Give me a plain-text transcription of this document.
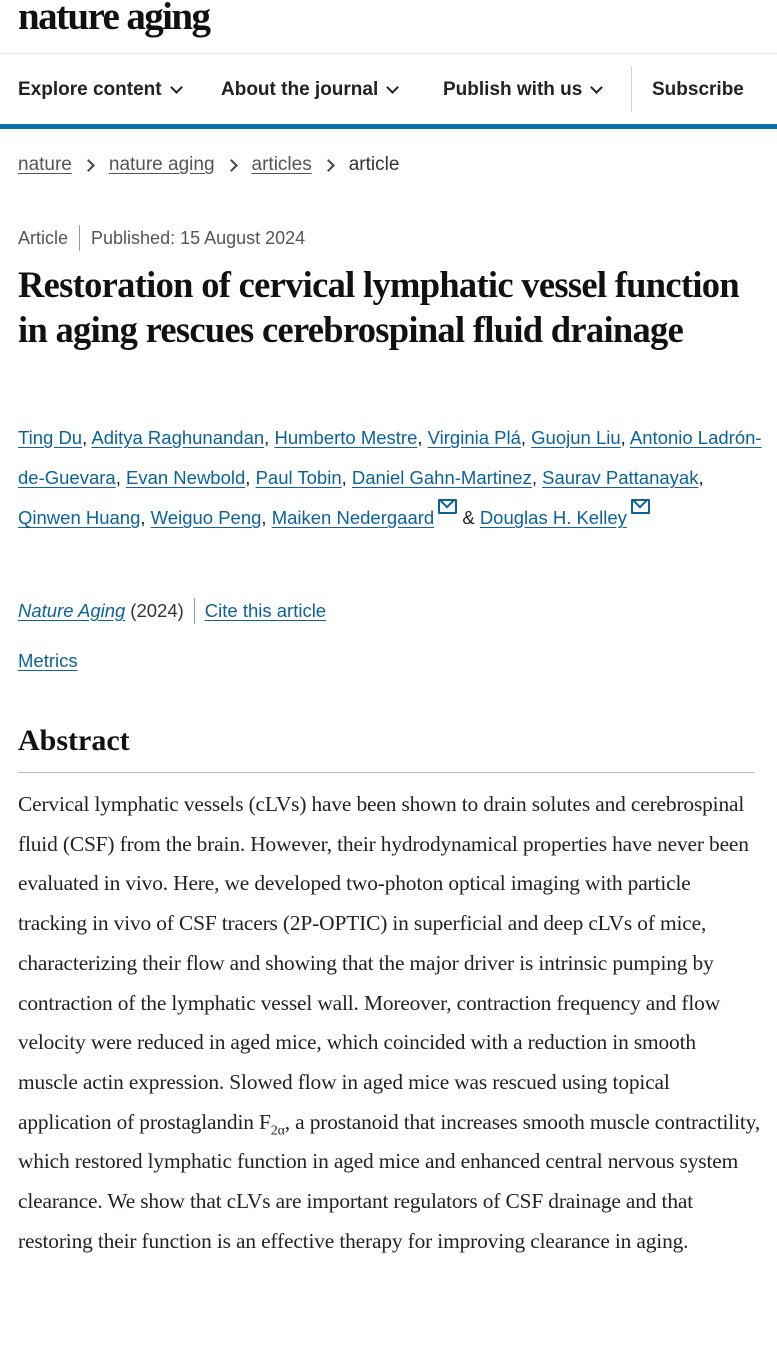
nature aging
Explore content	About the journal	Publish with us	Subscribe
nature nature aging articles article
Article Published: 15 August 2024
Restoration of cervical lymphatic vessel function in aging rescues cerebrospinal fluid drainage
Ting Du, Aditya Raghunandan, Humberto Mestre, Virginia Plá, Guojun Liu, Antonio Ladrón-de-Guevara, Evan Newbold, Paul Tobin, Daniel Gahn-Martinez, Saurav Pattanayak, Qinwen Huang, Weiguo Peng, Maiken Nedergaard & Douglas H. Kelley
Nature Aging (2024) Cite this article
Metrics
Abstract

Cervical lymphatic vessels (cLVs) have been shown to drain solutes and cerebrospinal fluid (CSF) from the brain. However, their hydrodynamical properties have never been evaluated in vivo. Here, we developed two-photon optical imaging with particle tracking in vivo of CSF tracers (2P-OPTIC) in superficial and deep cLVs of mice, characterizing their flow and showing that the major driver is intrinsic pumping by contraction of the lymphatic vessel wall. Moreover, contraction frequency and flow velocity were reduced in aged mice, which coincided with a reduction in smooth muscle actin expression. Slowed flow in aged mice was rescued using topical application of prostaglandin $F_{2\alpha}$, a prostanoid that increases smooth muscle contractility, which restored lymphatic function in aged mice and enhanced central nervous system clearance. We show that cLVs are important regulators of CSF drainage and that restoring their function is an effective therapy for improving clearance in aging.
